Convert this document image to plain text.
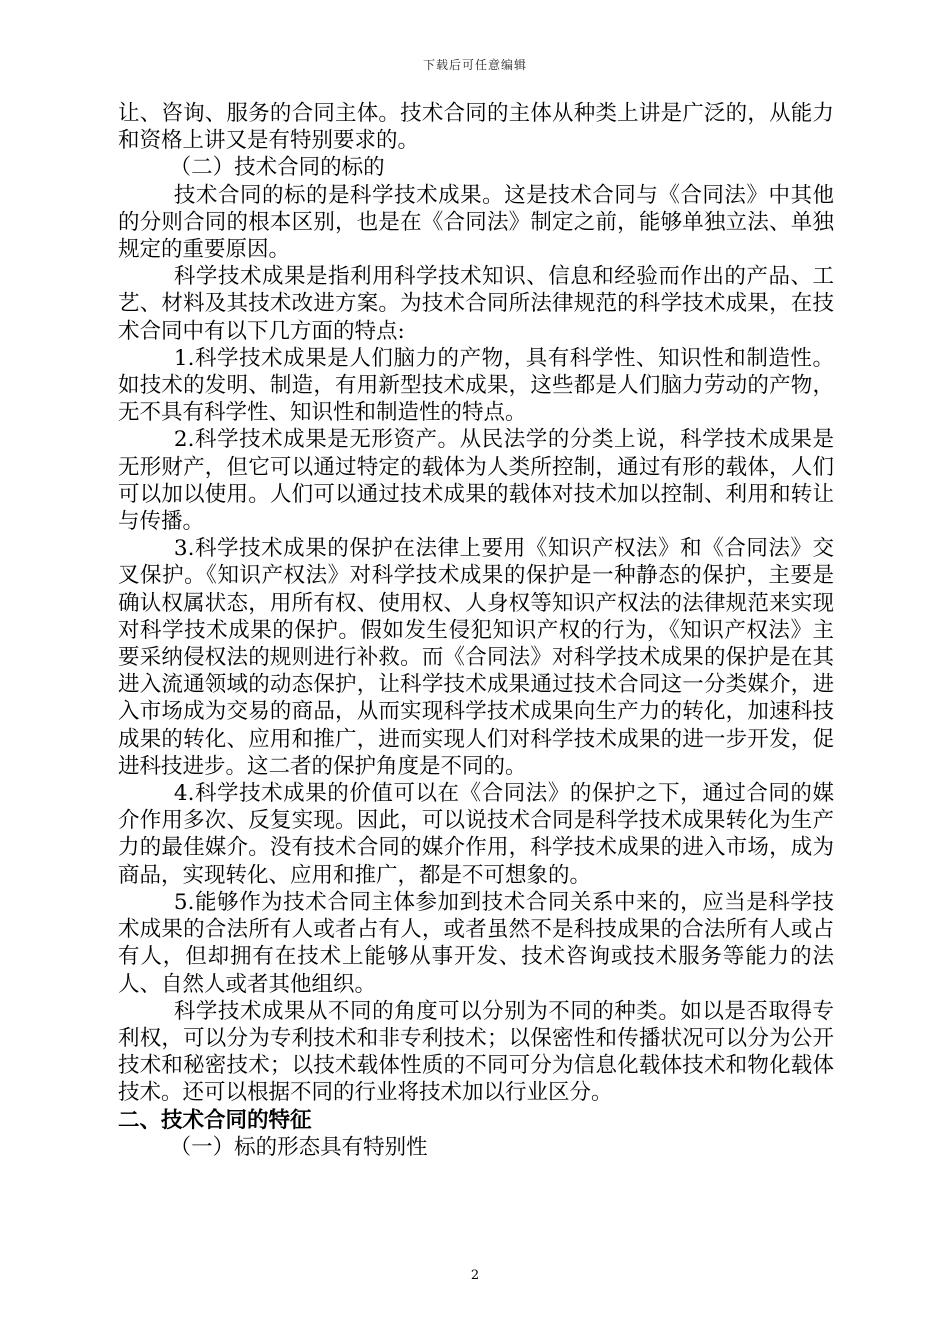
下载后可任意编辑

让、咨询、服务的合同主体。技术合同的主体从种类上讲是广泛的，从能力和资格上讲又是有特别要求的。

（二）技术合同的标的

技术合同的标的是科学技术成果。这是技术合同与《合同法》中其他的分则合同的根本区别，也是在《合同法》制定之前，能够单独立法、单独规定的重要原因。

科学技术成果是指利用科学技术知识、信息和经验而作出的产品、工艺、材料及其技术改进方案。为技术合同所法律规范的科学技术成果，在技术合同中有以下几方面的特点:

1.科学技术成果是人们脑力的产物，具有科学性、知识性和制造性。如技术的发明、制造，有用新型技术成果，这些都是人们脑力劳动的产物，无不具有科学性、知识性和制造性的特点。

2.科学技术成果是无形资产。从民法学的分类上说，科学技术成果是无形财产，但它可以通过特定的载体为人类所控制，通过有形的载体，人们可以加以使用。人们可以通过技术成果的载体对技术加以控制、利用和转让与传播。

3.科学技术成果的保护在法律上要用《知识产权法》和《合同法》交叉保护。《知识产权法》对科学技术成果的保护是一种静态的保护，主要是确认权属状态，用所有权、使用权、人身权等知识产权法的法律规范来实现对科学技术成果的保护。假如发生侵犯知识产权的行为，《知识产权法》主要采纳侵权法的规则进行补救。而《合同法》对科学技术成果的保护是在其进入流通领域的动态保护，让科学技术成果通过技术合同这一分类媒介，进入市场成为交易的商品，从而实现科学技术成果向生产力的转化，加速科技成果的转化、应用和推广，进而实现人们对科学技术成果的进一步开发，促进科技进步。这二者的保护角度是不同的。

4.科学技术成果的价值可以在《合同法》的保护之下，通过合同的媒介作用多次、反复实现。因此，可以说技术合同是科学技术成果转化为生产力的最佳媒介。没有技术合同的媒介作用，科学技术成果的进入市场，成为商品，实现转化、应用和推广，都是不可想象的。

5.能够作为技术合同主体参加到技术合同关系中来的，应当是科学技术成果的合法所有人或者占有人，或者虽然不是科技成果的合法所有人或占有人，但却拥有在技术上能够从事开发、技术咨询或技术服务等能力的法人、自然人或者其他组织。

科学技术成果从不同的角度可以分别为不同的种类。如以是否取得专利权，可以分为专利技术和非专利技术；以保密性和传播状况可以分为公开技术和秘密技术；以技术载体性质的不同可分为信息化载体技术和物化载体技术。还可以根据不同的行业将技术加以行业区分。

二、技术合同的特征

（一）标的形态具有特别性

2
